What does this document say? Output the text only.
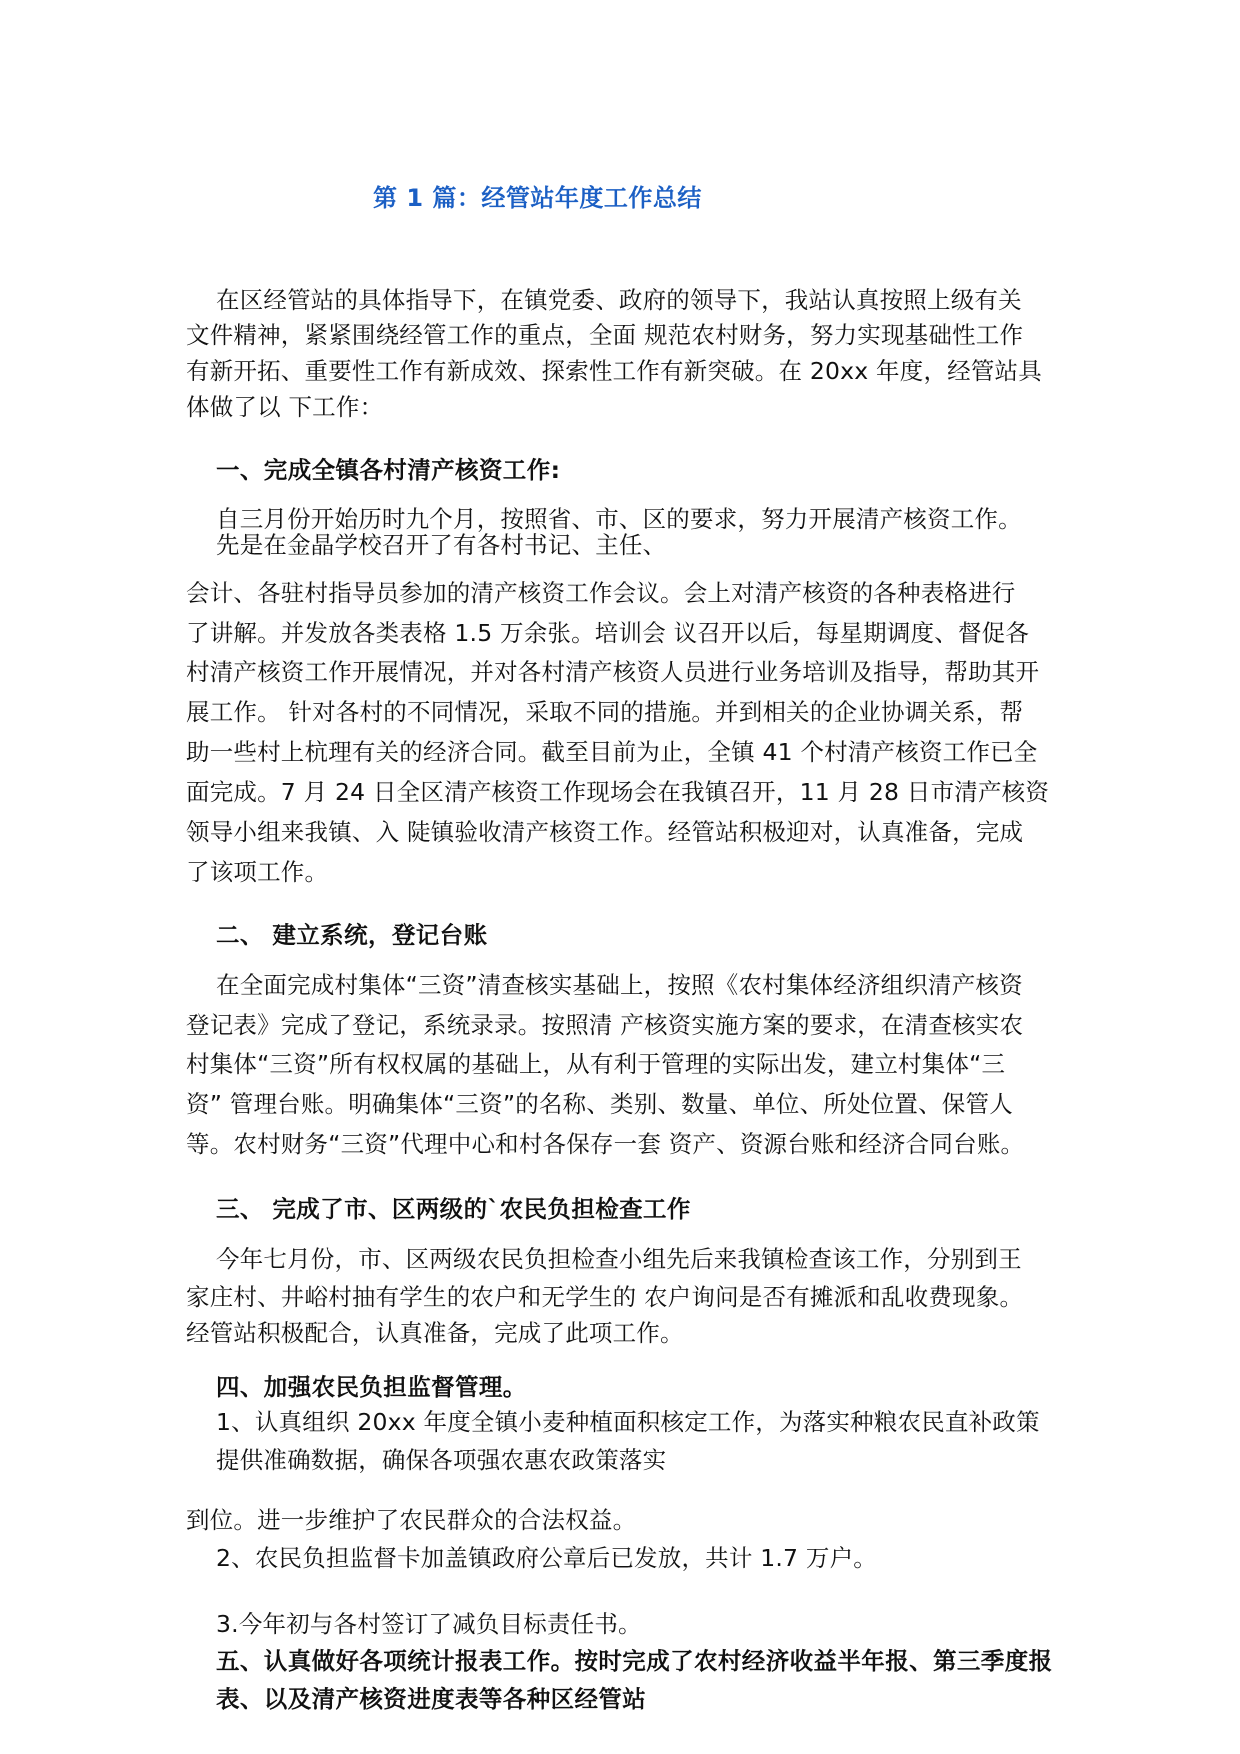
第 1 篇：经管站年度工作总结

在区经管站的具体指导下，在镇党委、政府的领导下，我站认真按照上级有关

文件精神，紧紧围绕经管工作的重点，全面 规范农村财务，努力实现基础性工作

有新开拓、重要性工作有新成效、探索性工作有新突破。在 20xx 年度，经管站具

体做了以 下工作：

一、完成全镇各村清产核资工作:

自三月份开始历时九个月，按照省、市、区的要求，努力开展清产核资工作。

先是在金晶学校召开了有各村书记、主任、

会计、各驻村指导员参加的清产核资工作会议。会上对清产核资的各种表格进行

了讲解。并发放各类表格 1.5 万余张。培训会 议召开以后，每星期调度、督促各

村清产核资工作开展情况，并对各村清产核资人员进行业务培训及指导，帮助其开

展工作。 针对各村的不同情况，采取不同的措施。并到相关的企业协调关系，帮

助一些村上杭理有关的经济合同。截至目前为止，全镇 41 个村清产核资工作已全

面完成。7 月 24 日全区清产核资工作现场会在我镇召开，11 月 28 日市清产核资

领导小组来我镇、入 陡镇验收清产核资工作。经管站积极迎对，认真准备，完成

了该项工作。

二、 建立系统，登记台账

在全面完成村集体“三资”清查核实基础上，按照《农村集体经济组织清产核资

登记表》完成了登记，系统录录。按照清 产核资实施方案的要求，在清查核实农

村集体“三资”所有权权属的基础上，从有利于管理的实际出发，建立村集体“三

资” 管理台账。明确集体“三资”的名称、类别、数量、单位、所处位置、保管人

等。农村财务“三资”代理中心和村各保存一套 资产、资源台账和经济合同台账。

三、 完成了市、区两级的`农民负担检查工作

今年七月份，市、区两级农民负担检查小组先后来我镇检查该工作，分别到王

家庄村、井峪村抽有学生的农户和无学生的 农户询问是否有摊派和乱收费现象。

经管站积极配合，认真准备，完成了此项工作。

四、加强农民负担监督管理。

1、认真组织 20xx 年度全镇小麦种植面积核定工作，为落实种粮农民直补政策

提供准确数据，确保各项强农惠农政策落实

到位。进一步维护了农民群众的合法权益。

2、农民负担监督卡加盖镇政府公章后已发放，共计 1.7 万户。

3.今年初与各村签订了减负目标责任书。

五、认真做好各项统计报表工作。按时完成了农村经济收益半年报、第三季度报

表、以及清产核资进度表等各种区经管站
